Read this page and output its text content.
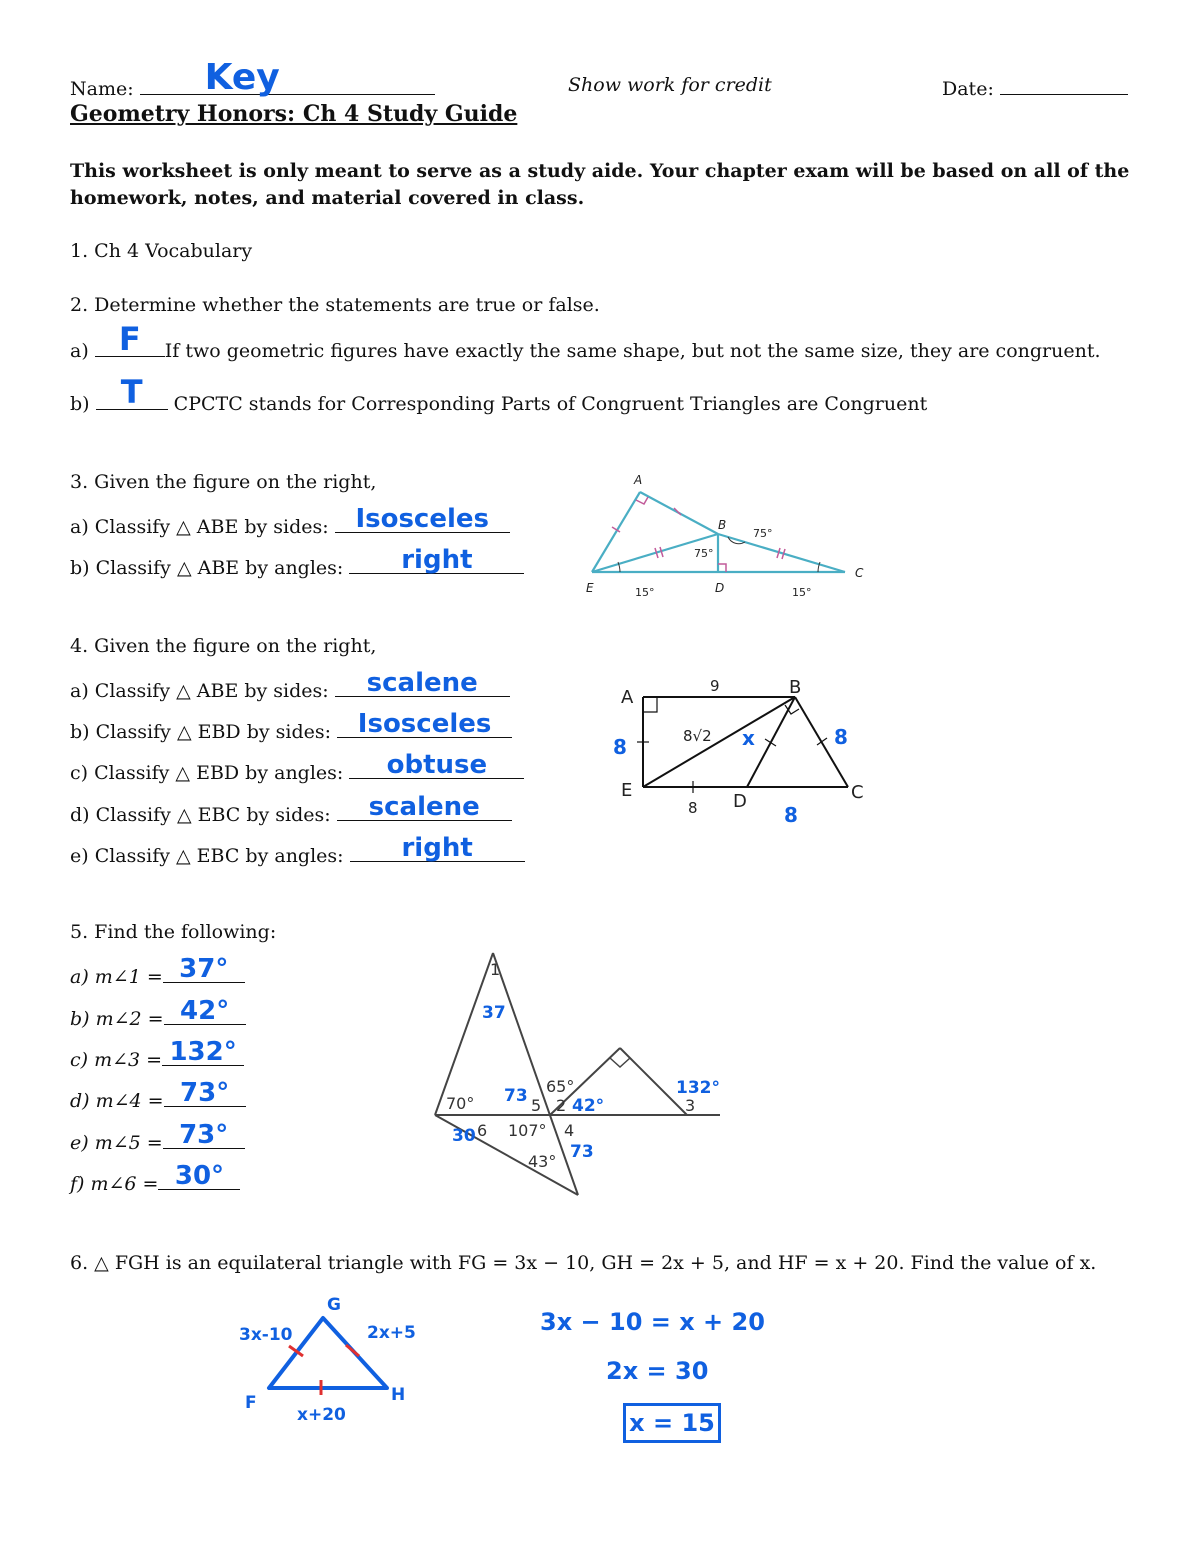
Name:	Key	Show work for credit	Date:
Geometry Honors: Ch 4 Study Guide
This worksheet is only meant to serve as a study aide. Your chapter exam will be based on all of the homework, notes, and material covered in class.
1. Ch 4 Vocabulary
2. Determine whether the statements are true or false.
a) F	If two geometric figures have exactly the same shape, but not the same size, they are congruent.
b) T	CPCTC stands for Corresponding Parts of Congruent Triangles are Congruent
3. Given the figure on the right,
a) Classify △ ABE by sides:	Isosceles
b) Classify △ ABE by angles:	right
A
B
C
D
E
75°
75°
15°	15°
4. Given the figure on the right,
a) Classify △ ABE by sides:	scalene
b) Classify △ EBD by sides:	Isosceles
c) Classify △ EBD by angles:	obtuse
d) Classify △ EBC by sides:	scalene
e) Classify △ EBC by angles:	right
A	B
C
D
E
9
8
8√2
8	x	8
8
5. Find the following:
a) m∠1 = 37°
b) m∠2 = 42°
c) m∠3 = 132°
d) m∠4 = 73°
e) m∠5 = 73°
f) m∠6 = 30°
1
2	3
4
5
6
70°
65°
107°
43°
37
42°
132°
73
73
30
6. △ FGH is an equilateral triangle with FG = 3x − 10, GH = 2x + 5, and HF = x + 20. Find the value of x.
G
F	H
3x-10	2x+5
x+20
3x − 10 = x + 20
2x = 30
x = 15
